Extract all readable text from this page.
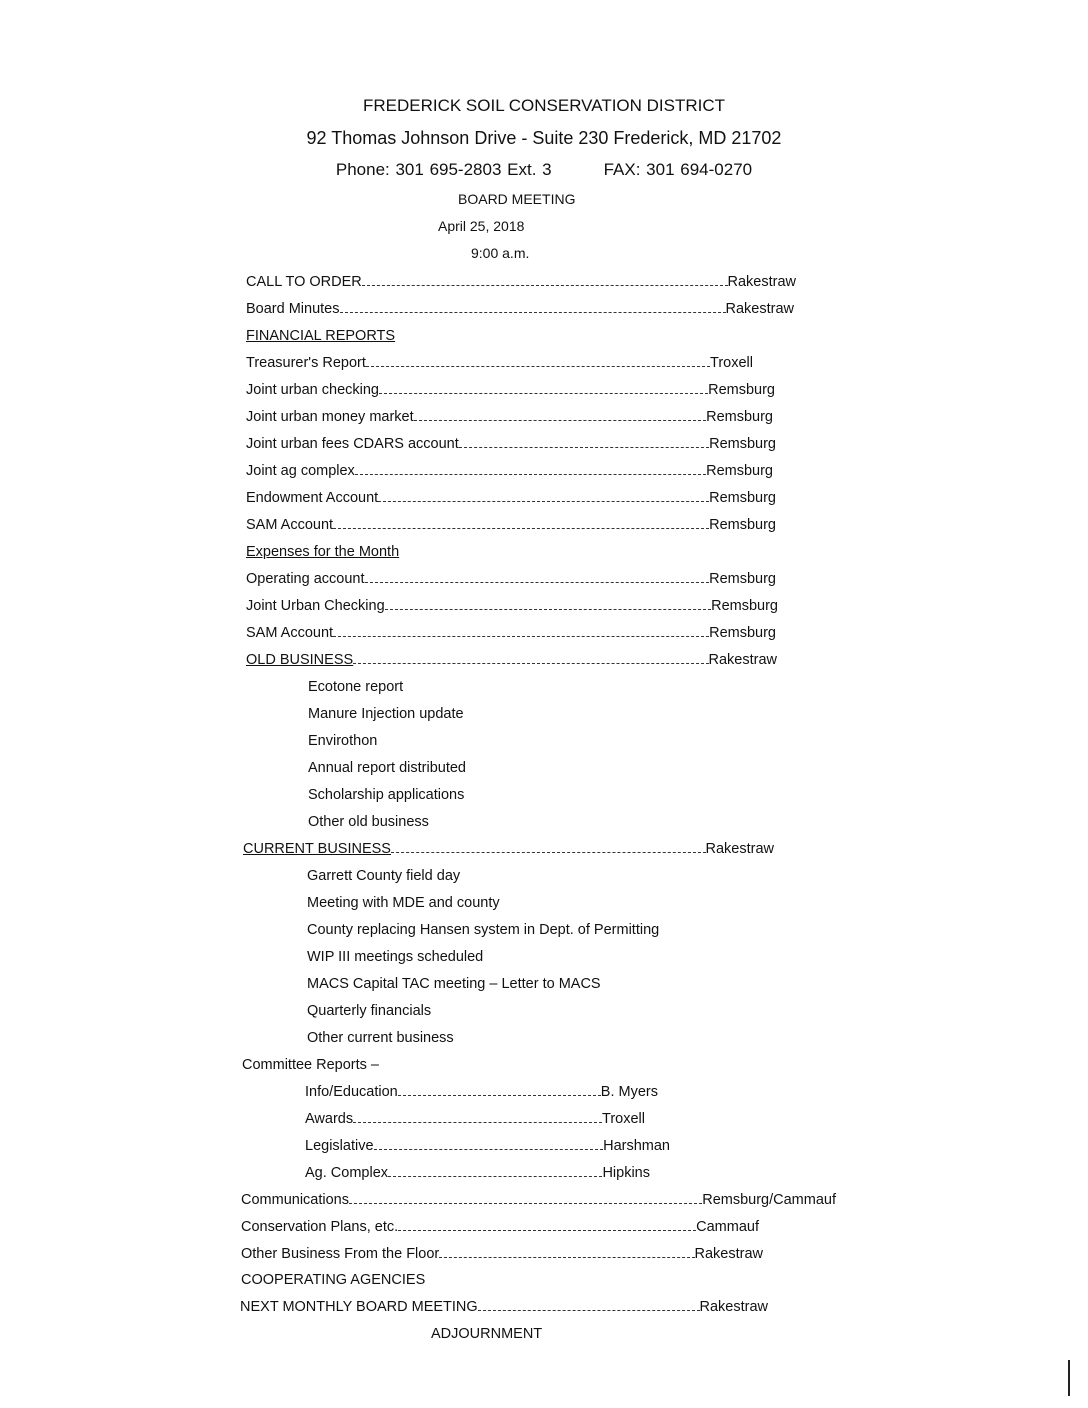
FREDERICK SOIL CONSERVATION DISTRICT
92 Thomas Johnson Drive - Suite 230 Frederick, MD 21702
Phone: 301 695-2803 Ext. 3	FAX: 301 694-0270
BOARD MEETING
April 25, 2018
9:00 a.m.
CALL TO ORDER	Rakestraw
Board Minutes	Rakestraw
FINANCIAL REPORTS
Treasurer's Report	Troxell
Joint urban checking	Remsburg
Joint urban money market	Remsburg
Joint urban fees CDARS account	Remsburg
Joint ag complex	Remsburg
Endowment Account	Remsburg
SAM Account	Remsburg
Expenses for the Month
Operating account	Remsburg
Joint Urban Checking	Remsburg
SAM Account	Remsburg
OLD BUSINESS	Rakestraw
Ecotone report
Manure Injection update
Envirothon
Annual report distributed
Scholarship applications
Other old business
CURRENT BUSINESS	Rakestraw
Garrett County field day
Meeting with MDE and county
County replacing Hansen system in Dept. of Permitting
WIP III meetings scheduled
MACS Capital TAC meeting – Letter to MACS
Quarterly financials
Other current business
Committee Reports –
Info/Education	B. Myers
Awards	Troxell
Legislative	Harshman
Ag. Complex	Hipkins
Communications	Remsburg/Cammauf
Conservation Plans, etc.	Cammauf
Other Business From the Floor	Rakestraw
COOPERATING AGENCIES
NEXT MONTHLY BOARD MEETING	Rakestraw
ADJOURNMENT
